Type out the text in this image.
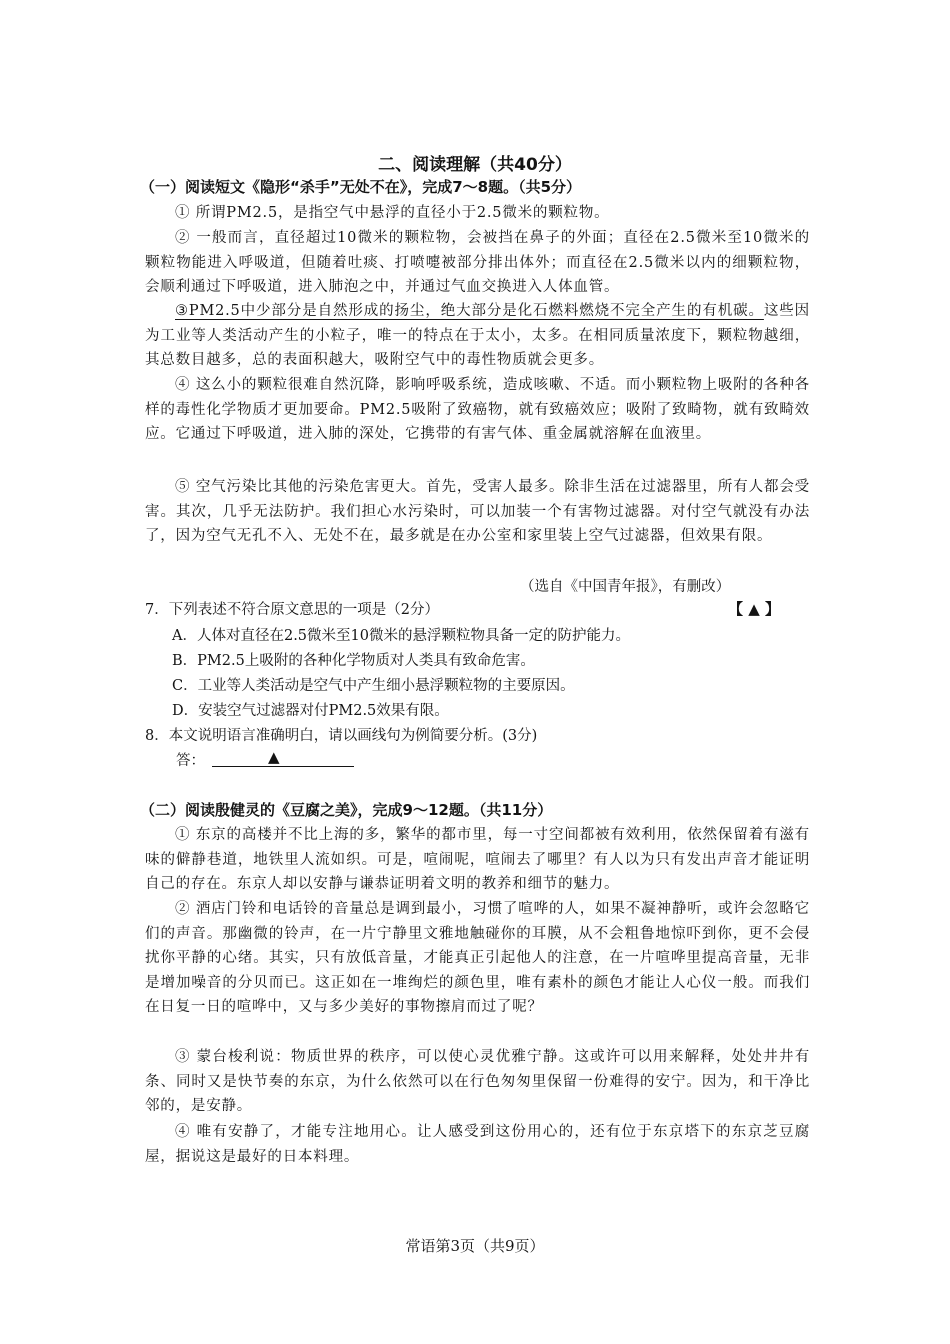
二、阅读理解（共40分）
（一）阅读短文《隐形“杀手”无处不在》，完成7～8题。（共5分）
① 所谓PM2.5，是指空气中悬浮的直径小于2.5微米的颗粒物。
② 一般而言，直径超过10微米的颗粒物，会被挡在鼻子的外面；直径在2.5微米至10微米的颗粒物能进入呼吸道，但随着吐痰、打喷嚏被部分排出体外；而直径在2.5微米以内的细颗粒物，会顺利通过下呼吸道，进入肺泡之中，并通过气血交换进入人体血管。
③PM2.5中少部分是自然形成的扬尘，绝大部分是化石燃料燃烧不完全产生的有机碳。这些因为工业等人类活动产生的小粒子，唯一的特点在于太小，太多。在相同质量浓度下，颗粒物越细，其总数目越多，总的表面积越大，吸附空气中的毒性物质就会更多。
④ 这么小的颗粒很难自然沉降，影响呼吸系统，造成咳嗽、不适。而小颗粒物上吸附的各种各样的毒性化学物质才更加要命。PM2.5吸附了致癌物，就有致癌效应；吸附了致畸物，就有致畸效应。它通过下呼吸道，进入肺的深处，它携带的有害气体、重金属就溶解在血液里。
⑤ 空气污染比其他的污染危害更大。首先，受害人最多。除非生活在过滤器里，所有人都会受害。其次，几乎无法防护。我们担心水污染时，可以加装一个有害物过滤器。对付空气就没有办法了，因为空气无孔不入、无处不在，最多就是在办公室和家里装上空气过滤器，但效果有限。
（选自《中国青年报》，有删改）
7．下列表述不符合原文意思的一项是（2分）	【 ▲ 】
A．人体对直径在2.5微米至10微米的悬浮颗粒物具备一定的防护能力。
B．PM2.5上吸附的各种化学物质对人类具有致命危害。
C．工业等人类活动是空气中产生细小悬浮颗粒物的主要原因。
D．安装空气过滤器对付PM2.5效果有限。
8．本文说明语言准确明白，请以画线句为例简要分析。(3分)
答：	▲
（二）阅读殷健灵的《豆腐之美》，完成9～12题。（共11分）
① 东京的高楼并不比上海的多，繁华的都市里，每一寸空间都被有效利用，依然保留着有滋有味的僻静巷道，地铁里人流如织。可是，喧闹呢，喧闹去了哪里？有人以为只有发出声音才能证明自己的存在。东京人却以安静与谦恭证明着文明的教养和细节的魅力。
② 酒店门铃和电话铃的音量总是调到最小，习惯了喧哗的人，如果不凝神静听，或许会忽略它们的声音。那幽微的铃声，在一片宁静里文雅地触碰你的耳膜，从不会粗鲁地惊吓到你，更不会侵扰你平静的心绪。其实，只有放低音量，才能真正引起他人的注意，在一片喧哗里提高音量，无非是增加噪音的分贝而已。这正如在一堆绚烂的颜色里，唯有素朴的颜色才能让人心仪一般。而我们在日复一日的喧哗中，又与多少美好的事物擦肩而过了呢？
③ 蒙台梭利说：物质世界的秩序，可以使心灵优雅宁静。这或许可以用来解释，处处井井有条、同时又是快节奏的东京，为什么依然可以在行色匆匆里保留一份难得的安宁。因为，和干净比邻的，是安静。
④ 唯有安静了，才能专注地用心。让人感受到这份用心的，还有位于东京塔下的东京芝豆腐屋，据说这是最好的日本料理。
常语第3页（共9页）
